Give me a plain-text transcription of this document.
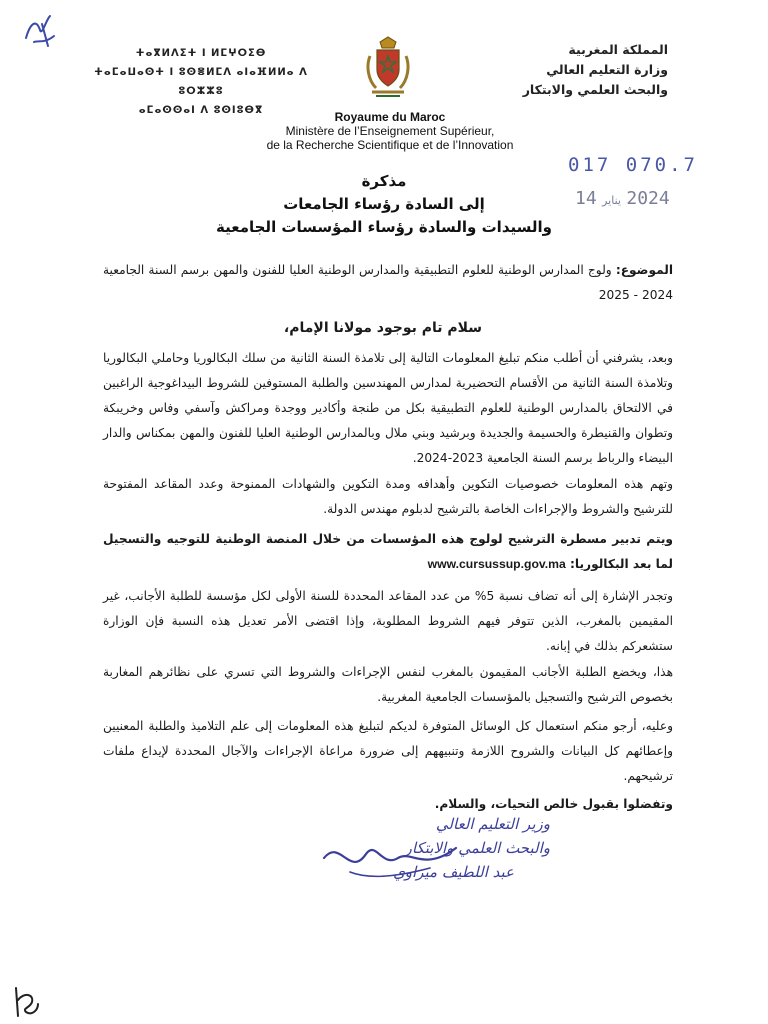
ⵜⴰⴳⵍⴷⵉⵜ ⵏ ⵍⵎⵖⵔⵉⴱ
ⵜⴰⵎⴰⵡⴰⵙⵜ ⵏ ⵓⵙⴻⵍⵎⴷ ⴰⵏⴰⴼⵍⵍⴰ ⴷ ⵓⵔⵣⵣⵓ
ⴰⵎⴰⵙⵙⴰⵏ ⴷ ⵓⵙⵏⵓⴱⴳ
المملكة المغربية
وزارة التعليم العالي
والبحث العلمي والابتكار
Royaume du Maroc
Ministère de l’Enseignement Supérieur,
de la Recherche Scientifique et de l’Innovation
017 070.7
2024 يناير 14
مذكرة
إلى السادة رؤساء الجامعات
والسيدات والسادة رؤساء المؤسسات الجامعية
الموضوع: ولوج المدارس الوطنية للعلوم التطبيقية والمدارس الوطنية العليا للفنون والمهن برسم السنة الجامعية 2024 - 2025
سلام تام بوجود مولانا الإمام،
وبعد، يشرفني أن أطلب منكم تبليغ المعلومات التالية إلى تلامذة السنة الثانية من سلك البكالوريا وحاملي البكالوريا وتلامذة السنة الثانية من الأقسام التحضيرية لمدارس المهندسين والطلبة المستوفين للشروط البيداغوجية الراغبين في الالتحاق بالمدارس الوطنية للعلوم التطبيقية بكل من طنجة وأكادير ووجدة ومراكش وآسفي وفاس وخريبكة وتطوان والقنيطرة والحسيمة والجديدة وبرشيد وبني ملال وبالمدارس الوطنية العليا للفنون والمهن بمكناس والدار البيضاء والرباط برسم السنة الجامعية 2023-2024.
وتهم هذه المعلومات خصوصيات التكوين وأهدافه ومدة التكوين والشهادات الممنوحة وعدد المقاعد المفتوحة للترشيح والشروط والإجراءات الخاصة بالترشيح لدبلوم مهندس الدولة.
ويتم تدبير مسطرة الترشيح لولوج هذه المؤسسات من خلال المنصة الوطنية للتوجيه والتسجيل لما بعد البكالوريا: www.cursussup.gov.ma
وتجدر الإشارة إلى أنه تضاف نسبة 5% من عدد المقاعد المحددة للسنة الأولى لكل مؤسسة للطلبة الأجانب، غير المقيمين بالمغرب، الذين تتوفر فيهم الشروط المطلوبة، وإذا اقتضى الأمر تعديل هذه النسبة فإن الوزارة ستشعركم بذلك في إبانه.
هذا، ويخضع الطلبة الأجانب المقيمون بالمغرب لنفس الإجراءات والشروط التي تسري على نظائرهم المغاربة بخصوص الترشيح والتسجيل بالمؤسسات الجامعية المغربية.
وعليه، أرجو منكم استعمال كل الوسائل المتوفرة لديكم لتبليغ هذه المعلومات إلى علم التلاميذ والطلبة المعنيين وإعطائهم كل البيانات والشروح اللازمة وتنبيههم إلى ضرورة مراعاة الإجراءات والآجال المحددة لإيداع ملفات ترشيحهم.
وتفضلوا بقبول خالص التحيات، والسلام.
وزير التعليم العالي
والبحث العلمي والابتكار
عبد اللطيف ميراوي
